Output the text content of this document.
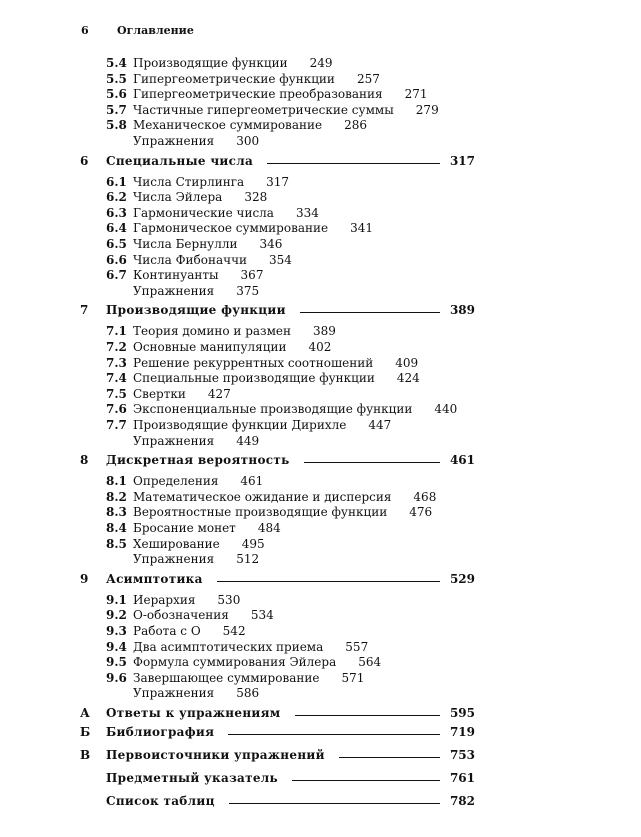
6	Оглавление
5.4 Производящие функции 249
5.5 Гипергеометрические функции 257
5.6 Гипергеометрические преобразования 271
5.7 Частичные гипергеометрические суммы 279
5.8 Механическое суммирование 286
Упражнения 300
6 Специальные числа	317
6.1 Числа Стирлинга 317
6.2 Числа Эйлера 328
6.3 Гармонические числа 334
6.4 Гармоническое суммирование 341
6.5 Числа Бернулли 346
6.6 Числа Фибоначчи 354
6.7 Континуанты 367
Упражнения 375
7 Производящие функции	389
7.1 Теория домино и размен 389
7.2 Основные манипуляции 402
7.3 Решение рекуррентных соотношений 409
7.4 Специальные производящие функции 424
7.5 Свертки 427
7.6 Экспоненциальные производящие функции 440
7.7 Производящие функции Дирихле 447
Упражнения 449
8 Дискретная вероятность	461
8.1 Определения 461
8.2 Математическое ожидание и дисперсия 468
8.3 Вероятностные производящие функции 476
8.4 Бросание монет 484
8.5 Хеширование 495
Упражнения 512
9 Асимптотика	529
9.1 Иерархия 530
9.2 О-обозначения 534
9.3 Работа с О 542
9.4 Два асимптотических приема 557
9.5 Формула суммирования Эйлера 564
9.6 Завершающее суммирование 571
Упражнения 586
А Ответы к упражнениям	595
Б Библиография	719
В Первоисточники упражнений	753
Предметный указатель	761
Список таблиц	782
